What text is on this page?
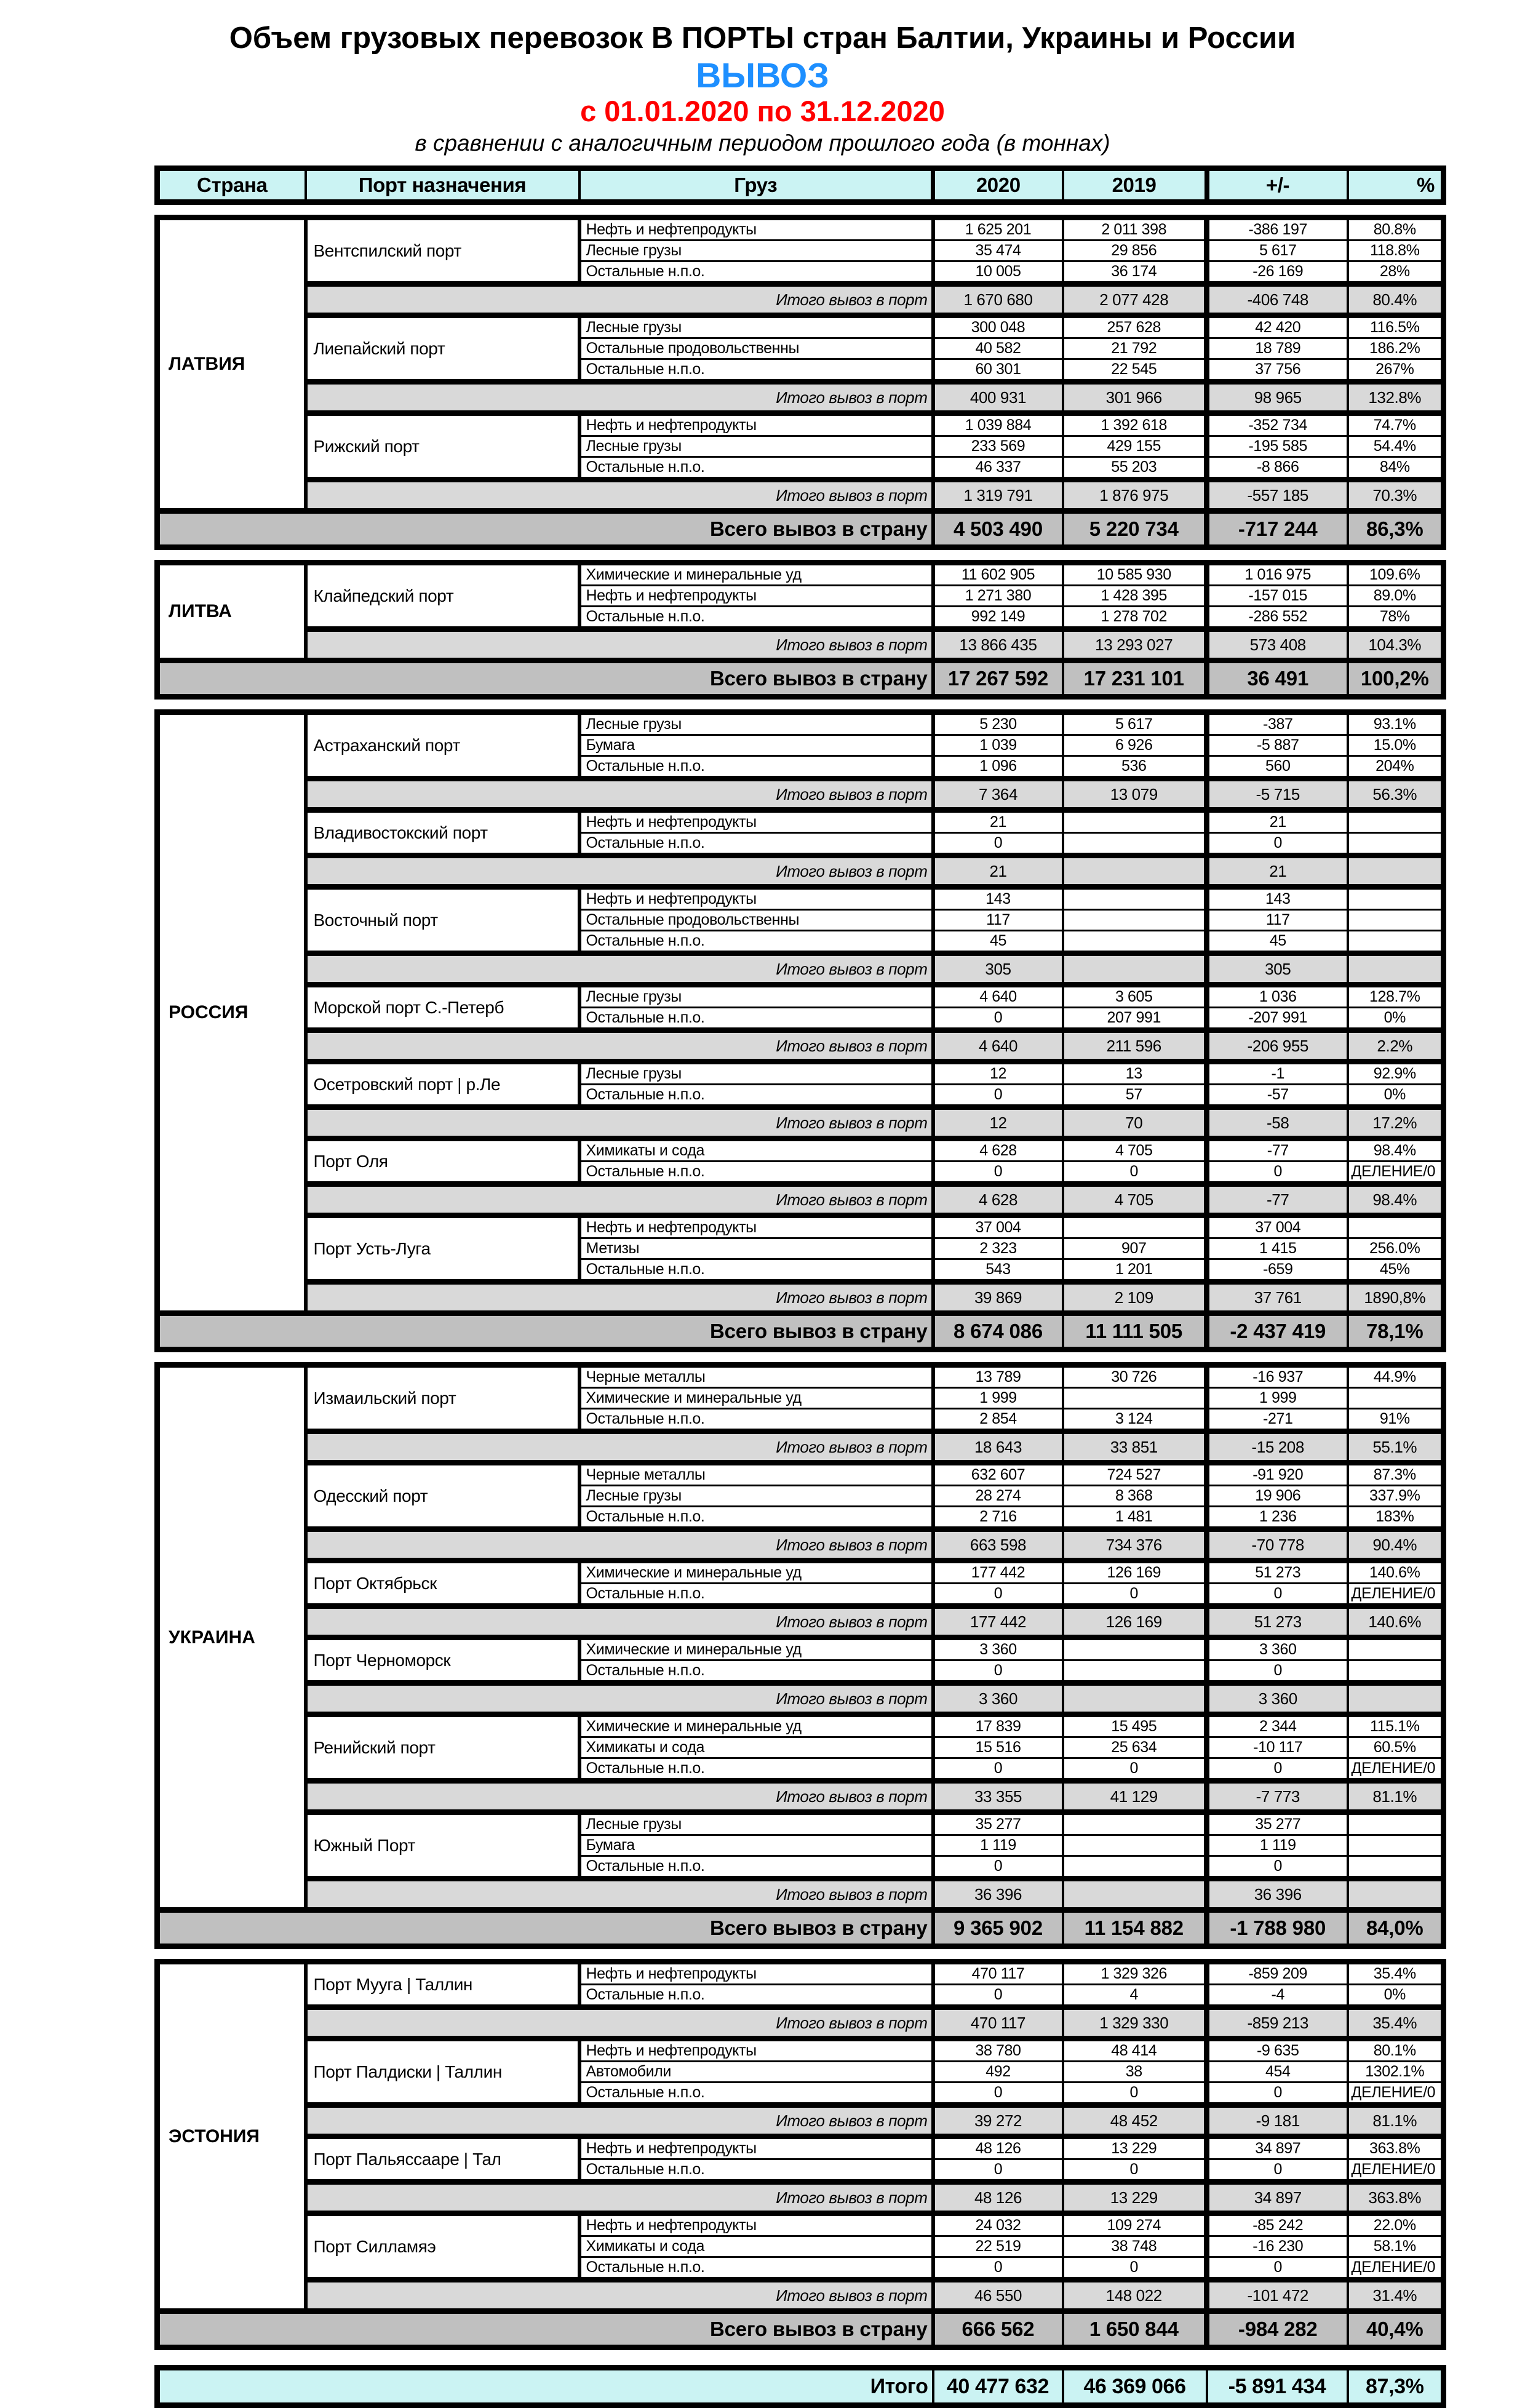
Объем грузовых перевозок В ПОРТЫ стран Балтии, Украины и России
ВЫВОЗ
с 01.01.2020 по 31.12.2020
в сравнении с аналогичным периодом прошлого года (в тоннах)
Страна	Порт назначения	Груз	2020	2019	+/-	%
ЛАТВИЯ	Вентспилский порт	Нефть и нефтепродукты	1 625 201	2 011 398	-386 197	80.8%
		Лесные грузы	35 474	29 856	5 617	118.8%
		Остальные н.п.о.	10 005	36 174	-26 169	28%
	Итого вывоз в порт		1 670 680	2 077 428	-406 748	80.4%
	Лиепайский порт	Лесные грузы	300 048	257 628	42 420	116.5%
		Остальные продовольственны	40 582	21 792	18 789	186.2%
		Остальные н.п.о.	60 301	22 545	37 756	267%
	Итого вывоз в порт		400 931	301 966	98 965	132.8%
	Рижский порт	Нефть и нефтепродукты	1 039 884	1 392 618	-352 734	74.7%
		Лесные грузы	233 569	429 155	-195 585	54.4%
		Остальные н.п.о.	46 337	55 203	-8 866	84%
	Итого вывоз в порт		1 319 791	1 876 975	-557 185	70.3%
Всего вывоз в страну			4 503 490	5 220 734	-717 244	86,3%
ЛИТВА	Клайпедский порт	Химические и минеральные уд	11 602 905	10 585 930	1 016 975	109.6%
		Нефть и нефтепродукты	1 271 380	1 428 395	-157 015	89.0%
		Остальные н.п.о.	992 149	1 278 702	-286 552	78%
	Итого вывоз в порт		13 866 435	13 293 027	573 408	104.3%
Всего вывоз в страну			17 267 592	17 231 101	36 491	100,2%
РОССИЯ	Астраханский порт	Лесные грузы	5 230	5 617	-387	93.1%
		Бумага	1 039	6 926	-5 887	15.0%
		Остальные н.п.о.	1 096	536	560	204%
	Итого вывоз в порт		7 364	13 079	-5 715	56.3%
	Владивостокский порт	Нефть и нефтепродукты	21		21	
		Остальные н.п.о.	0		0	
	Итого вывоз в порт		21		21	
	Восточный порт	Нефть и нефтепродукты	143		143	
		Остальные продовольственны	117		117	
		Остальные н.п.о.	45		45	
	Итого вывоз в порт		305		305	
	Морской порт С.-Петерб	Лесные грузы	4 640	3 605	1 036	128.7%
		Остальные н.п.о.	0	207 991	-207 991	0%
	Итого вывоз в порт		4 640	211 596	-206 955	2.2%
	Осетровский порт | р.Ле	Лесные грузы	12	13	-1	92.9%
		Остальные н.п.о.	0	57	-57	0%
	Итого вывоз в порт		12	70	-58	17.2%
	Порт Оля	Химикаты и сода	4 628	4 705	-77	98.4%
		Остальные н.п.о.	0	0	0	ДЕЛЕНИЕ/0
	Итого вывоз в порт		4 628	4 705	-77	98.4%
	Порт Усть-Луга	Нефть и нефтепродукты	37 004		37 004	
		Метизы	2 323	907	1 415	256.0%
		Остальные н.п.о.	543	1 201	-659	45%
	Итого вывоз в порт		39 869	2 109	37 761	1890,8%
Всего вывоз в страну			8 674 086	11 111 505	-2 437 419	78,1%
УКРАИНА	Измаильский порт	Черные металлы	13 789	30 726	-16 937	44.9%
		Химические и минеральные уд	1 999		1 999	
		Остальные н.п.о.	2 854	3 124	-271	91%
	Итого вывоз в порт		18 643	33 851	-15 208	55.1%
	Одесский порт	Черные металлы	632 607	724 527	-91 920	87.3%
		Лесные грузы	28 274	8 368	19 906	337.9%
		Остальные н.п.о.	2 716	1 481	1 236	183%
	Итого вывоз в порт		663 598	734 376	-70 778	90.4%
	Порт Октябрьск	Химические и минеральные уд	177 442	126 169	51 273	140.6%
		Остальные н.п.о.	0	0	0	ДЕЛЕНИЕ/0
	Итого вывоз в порт		177 442	126 169	51 273	140.6%
	Порт Черноморск	Химические и минеральные уд	3 360		3 360	
		Остальные н.п.о.	0		0	
	Итого вывоз в порт		3 360		3 360	
	Ренийский порт	Химические и минеральные уд	17 839	15 495	2 344	115.1%
		Химикаты и сода	15 516	25 634	-10 117	60.5%
		Остальные н.п.о.	0	0	0	ДЕЛЕНИЕ/0
	Итого вывоз в порт		33 355	41 129	-7 773	81.1%
	Южный Порт	Лесные грузы	35 277		35 277	
		Бумага	1 119		1 119	
		Остальные н.п.о.	0		0	
	Итого вывоз в порт		36 396		36 396	
Всего вывоз в страну			9 365 902	11 154 882	-1 788 980	84,0%
ЭСТОНИЯ	Порт Мууга | Таллин	Нефть и нефтепродукты	470 117	1 329 326	-859 209	35.4%
		Остальные н.п.о.	0	4	-4	0%
	Итого вывоз в порт		470 117	1 329 330	-859 213	35.4%
	Порт Палдиски | Таллин	Нефть и нефтепродукты	38 780	48 414	-9 635	80.1%
		Автомобили	492	38	454	1302.1%
		Остальные н.п.о.	0	0	0	ДЕЛЕНИЕ/0
	Итого вывоз в порт		39 272	48 452	-9 181	81.1%
	Порт Пальяссааре | Тал	Нефть и нефтепродукты	48 126	13 229	34 897	363.8%
		Остальные н.п.о.	0	0	0	ДЕЛЕНИЕ/0
	Итого вывоз в порт		48 126	13 229	34 897	363.8%
	Порт Силламяэ	Нефть и нефтепродукты	24 032	109 274	-85 242	22.0%
		Химикаты и сода	22 519	38 748	-16 230	58.1%
		Остальные н.п.о.	0	0	0	ДЕЛЕНИЕ/0
	Итого вывоз в порт		46 550	148 022	-101 472	31.4%
Всего вывоз в страну			666 562	1 650 844	-984 282	40,4%
Итого	40 477 632	46 369 066	-5 891 434	87,3%
